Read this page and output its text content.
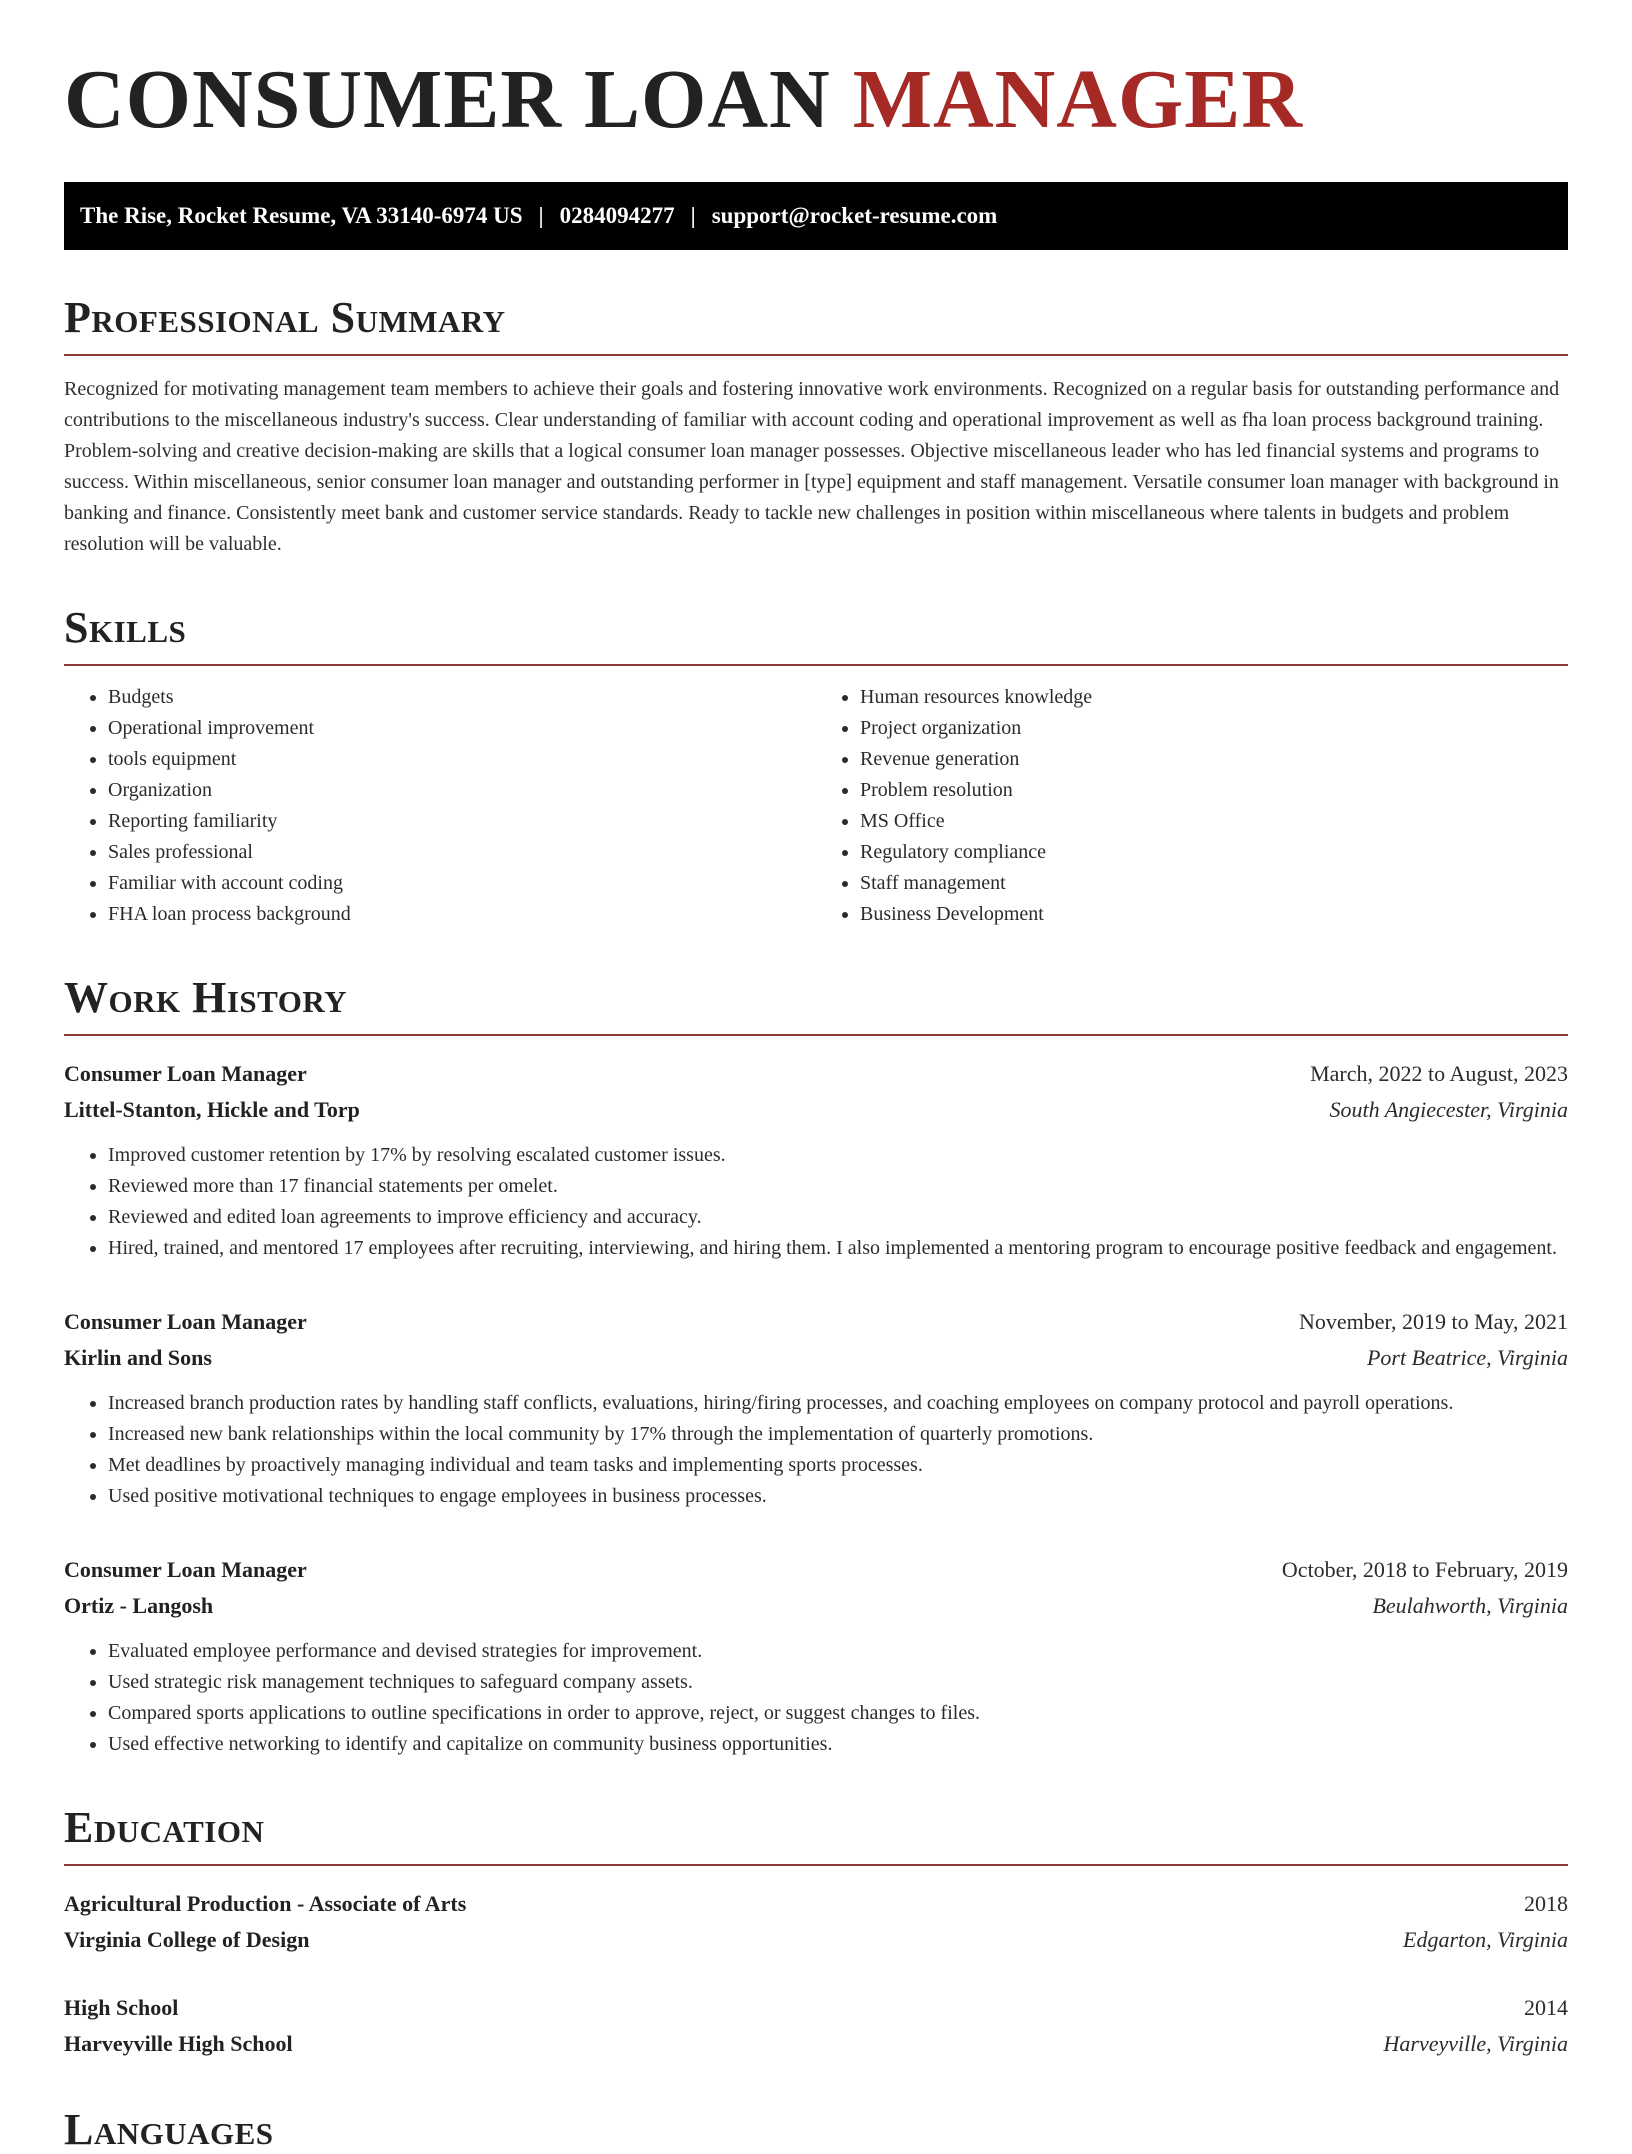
CONSUMER LOAN MANAGER
The Rise, Rocket Resume, VA 33140-6974 US | 0284094277 | support@rocket-resume.com
Professional Summary

Recognized for motivating management team members to achieve their goals and fostering innovative work environments. Recognized on a regular basis for outstanding performance and contributions to the miscellaneous industry's success. Clear understanding of familiar with account coding and operational improvement as well as fha loan process background training. Problem-solving and creative decision-making are skills that a logical consumer loan manager possesses. Objective miscellaneous leader who has led financial systems and programs to success. Within miscellaneous, senior consumer loan manager and outstanding performer in [type] equipment and staff management. Versatile consumer loan manager with background in banking and finance. Consistently meet bank and customer service standards. Ready to tackle new challenges in position within miscellaneous where talents in budgets and problem resolution will be valuable.

Skills
• Budgets
• Operational improvement
• tools equipment
• Organization
• Reporting familiarity
• Sales professional
• Familiar with account coding
• FHA loan process background
• Human resources knowledge
• Project organization
• Revenue generation
• Problem resolution
• MS Office
• Regulatory compliance
• Staff management
• Business Development
Work History
Consumer Loan Manager	March, 2022 to August, 2023
Littel-Stanton, Hickle and Torp	South Angiecester, Virginia
• Improved customer retention by 17% by resolving escalated customer issues.
• Reviewed more than 17 financial statements per omelet.
• Reviewed and edited loan agreements to improve efficiency and accuracy.
• Hired, trained, and mentored 17 employees after recruiting, interviewing, and hiring them. I also implemented a mentoring program to encourage positive feedback and engagement.
Consumer Loan Manager	November, 2019 to May, 2021
Kirlin and Sons	Port Beatrice, Virginia
• Increased branch production rates by handling staff conflicts, evaluations, hiring/firing processes, and coaching employees on company protocol and payroll operations.
• Increased new bank relationships within the local community by 17% through the implementation of quarterly promotions.
• Met deadlines by proactively managing individual and team tasks and implementing sports processes.
• Used positive motivational techniques to engage employees in business processes.
Consumer Loan Manager	October, 2018 to February, 2019
Ortiz - Langosh	Beulahworth, Virginia
• Evaluated employee performance and devised strategies for improvement.
• Used strategic risk management techniques to safeguard company assets.
• Compared sports applications to outline specifications in order to approve, reject, or suggest changes to files.
• Used effective networking to identify and capitalize on community business opportunities.
Education
Agricultural Production - Associate of Arts	2018
Virginia College of Design	Edgarton, Virginia
High School	2014
Harveyville High School	Harveyville, Virginia
Languages
